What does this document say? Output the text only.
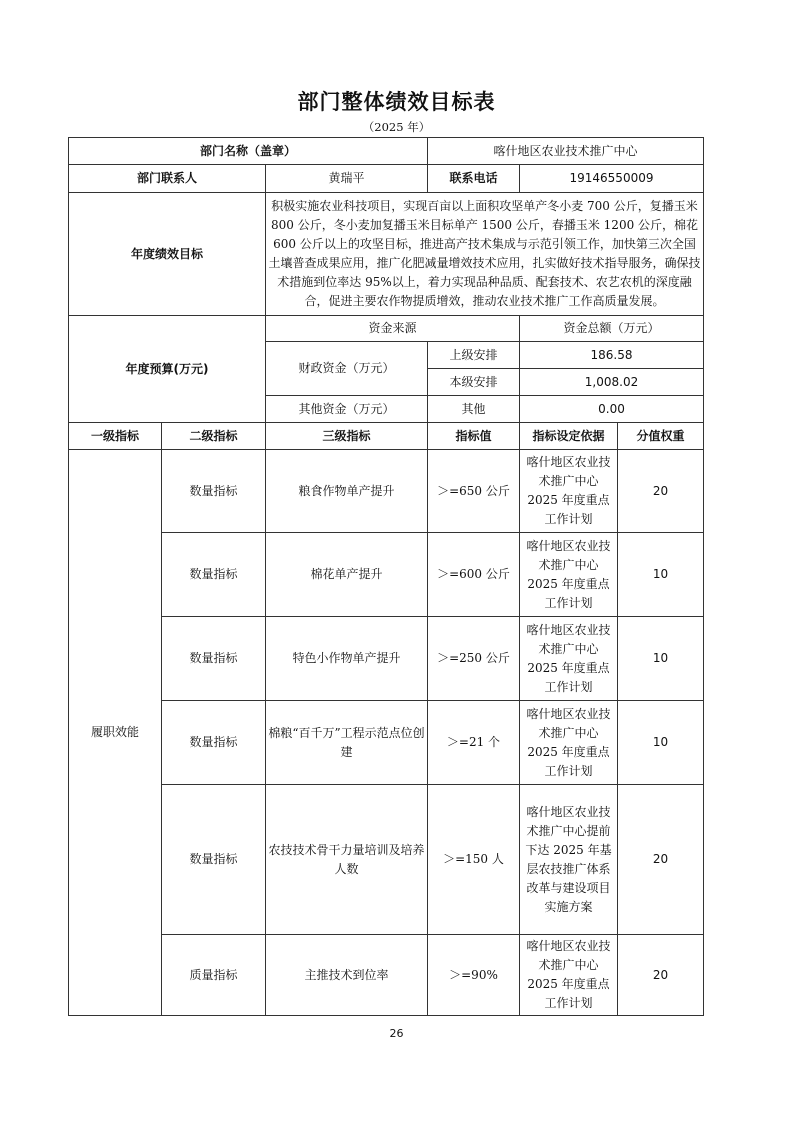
部门整体绩效目标表
（2025 年）
部门名称（盖章）			喀什地区农业技术推广中心		
部门联系人		黄瑞平	联系电话	19146550009	
年度绩效目标		积极实施农业科技项目，实现百亩以上面积攻坚单产冬小麦 700 公斤，复播玉米 800 公斤，冬小麦加复播玉米目标单产 1500 公斤，春播玉米 1200 公斤，棉花 600 公斤以上的攻坚目标，推进高产技术集成与示范引领工作，加快第三次全国土壤普查成果应用，推广化肥减量增效技术应用，扎实做好技术指导服务，确保技术措施到位率达 95%以上，着力实现品种品质、配套技术、农艺农机的深度融合，促进主要农作物提质增效，推动农业技术推广工作高质量发展。			
年度预算(万元)		资金来源		资金总额（万元）	
		财政资金（万元）	上级安排	186.58	
			本级安排	1,008.02	
		其他资金（万元）	其他	0.00	
一级指标	二级指标	三级指标	指标值	指标设定依据	分值权重
履职效能	数量指标	粮食作物单产提升	＞=650 公斤	喀什地区农业技术推广中心 2025 年度重点工作计划	20
	数量指标	棉花单产提升	＞=600 公斤	喀什地区农业技术推广中心 2025 年度重点工作计划	10
	数量指标	特色小作物单产提升	＞=250 公斤	喀什地区农业技术推广中心 2025 年度重点工作计划	10
	数量指标	棉粮“百千万”工程示范点位创建	＞=21 个	喀什地区农业技术推广中心 2025 年度重点工作计划	10
	数量指标	农技技术骨干力量培训及培养人数	＞=150 人	喀什地区农业技术推广中心提前下达 2025 年基层农技推广体系改革与建设项目实施方案	20
	质量指标	主推技术到位率	＞=90%	喀什地区农业技术推广中心 2025 年度重点工作计划	20
26
